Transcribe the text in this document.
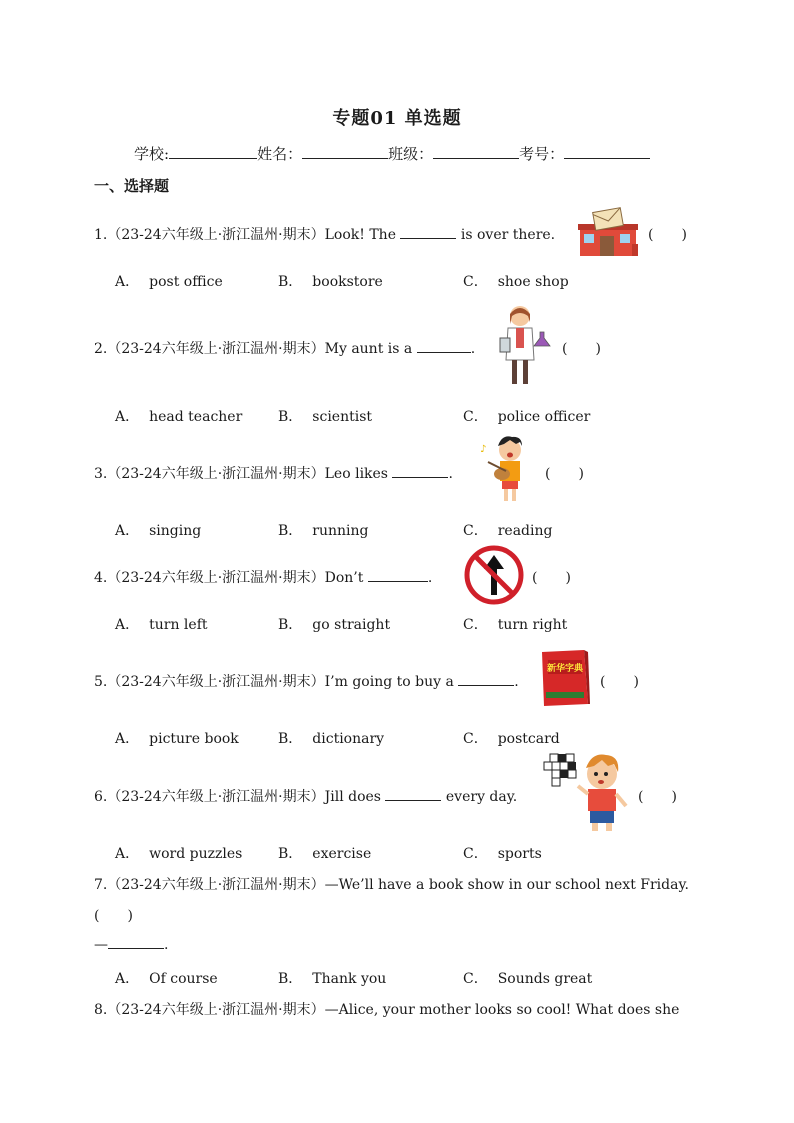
专题01 单选题
学校:	姓名：	班级：	考号：
一、选择题
1.（23-24六年级上·浙江温州·期末）Look! The	is over there.	(　　)
A． post office	B． bookstore	C． shoe shop
2.（23-24六年级上·浙江温州·期末）My aunt is a	.	(　　)
A． head teacher	B． scientist	C． police officer
3.（23-24六年级上·浙江温州·期末）Leo likes	.
♪
(　　)
A． singing	B． running	C． reading
4.（23-24六年级上·浙江温州·期末）Don’t	.	(　　)
A． turn left	B． go straight	C． turn right
5.（23-24六年级上·浙江温州·期末）I’m going to buy a	.
新华字典
(　　)
A． picture book	B． dictionary	C． postcard
6.（23-24六年级上·浙江温州·期末）Jill does	every day.	(　　)
A． word puzzles	B． exercise	C． sports
7.（23-24六年级上·浙江温州·期末）—We’ll have a book show in our school next Friday.
(　　)
—	.
A． Of course	B． Thank you	C． Sounds great
8.（23-24六年级上·浙江温州·期末）—Alice, your mother looks so cool! What does she
